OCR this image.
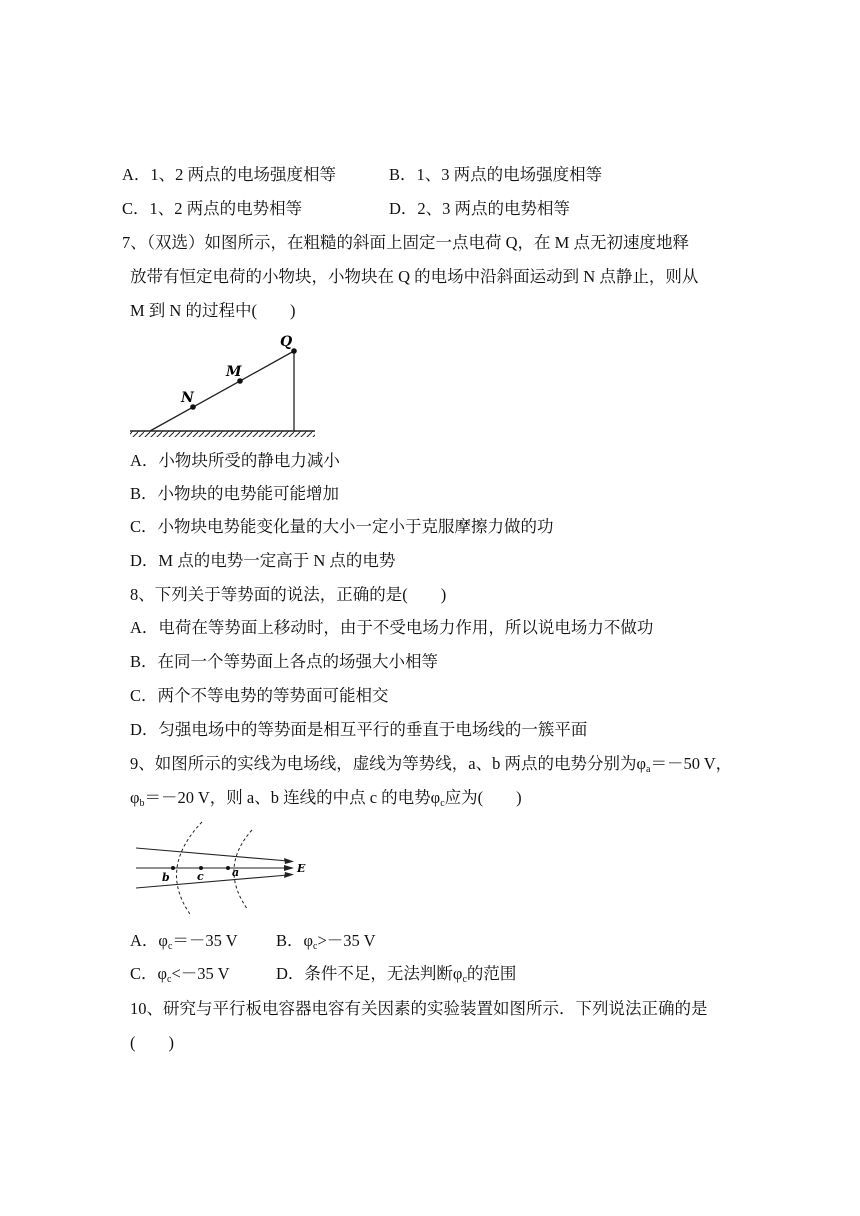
A．1、2 两点的电场强度相等	B．1、3 两点的电场强度相等
C．1、2 两点的电势相等	D．2、3 两点的电势相等
7、（双选）如图所示，在粗糙的斜面上固定一点电荷 Q，在 M 点无初速度地释
放带有恒定电荷的小物块，小物块在 Q 的电场中沿斜面运动到 N 点静止，则从
M 到 N 的过程中(　　)
Q
M
N
A．小物块所受的静电力减小
B．小物块的电势能可能增加
C．小物块电势能变化量的大小一定小于克服摩擦力做的功
D．M 点的电势一定高于 N 点的电势
8、下列关于等势面的说法，正确的是(　　)
A．电荷在等势面上移动时，由于不受电场力作用，所以说电场力不做功
B．在同一个等势面上各点的场强大小相等
C．两个不等电势的等势面可能相交
D．匀强电场中的等势面是相互平行的垂直于电场线的一簇平面
9、如图所示的实线为电场线，虚线为等势线，a、b 两点的电势分别为$\varphi_a=-50$ V，
$\varphi_b=-20$ V，则 a、b 连线的中点 c 的电势$\varphi_c$应为(　　)
b c	a	E
A．$\varphi_c=-35$ V B．$\varphi_c>-35$ V
C．$\varphi_c<-35$ V	D．条件不足，无法判断$\varphi_c$的范围
10、研究与平行板电容器电容有关因素的实验装置如图所示．下列说法正确的是
(　　)
